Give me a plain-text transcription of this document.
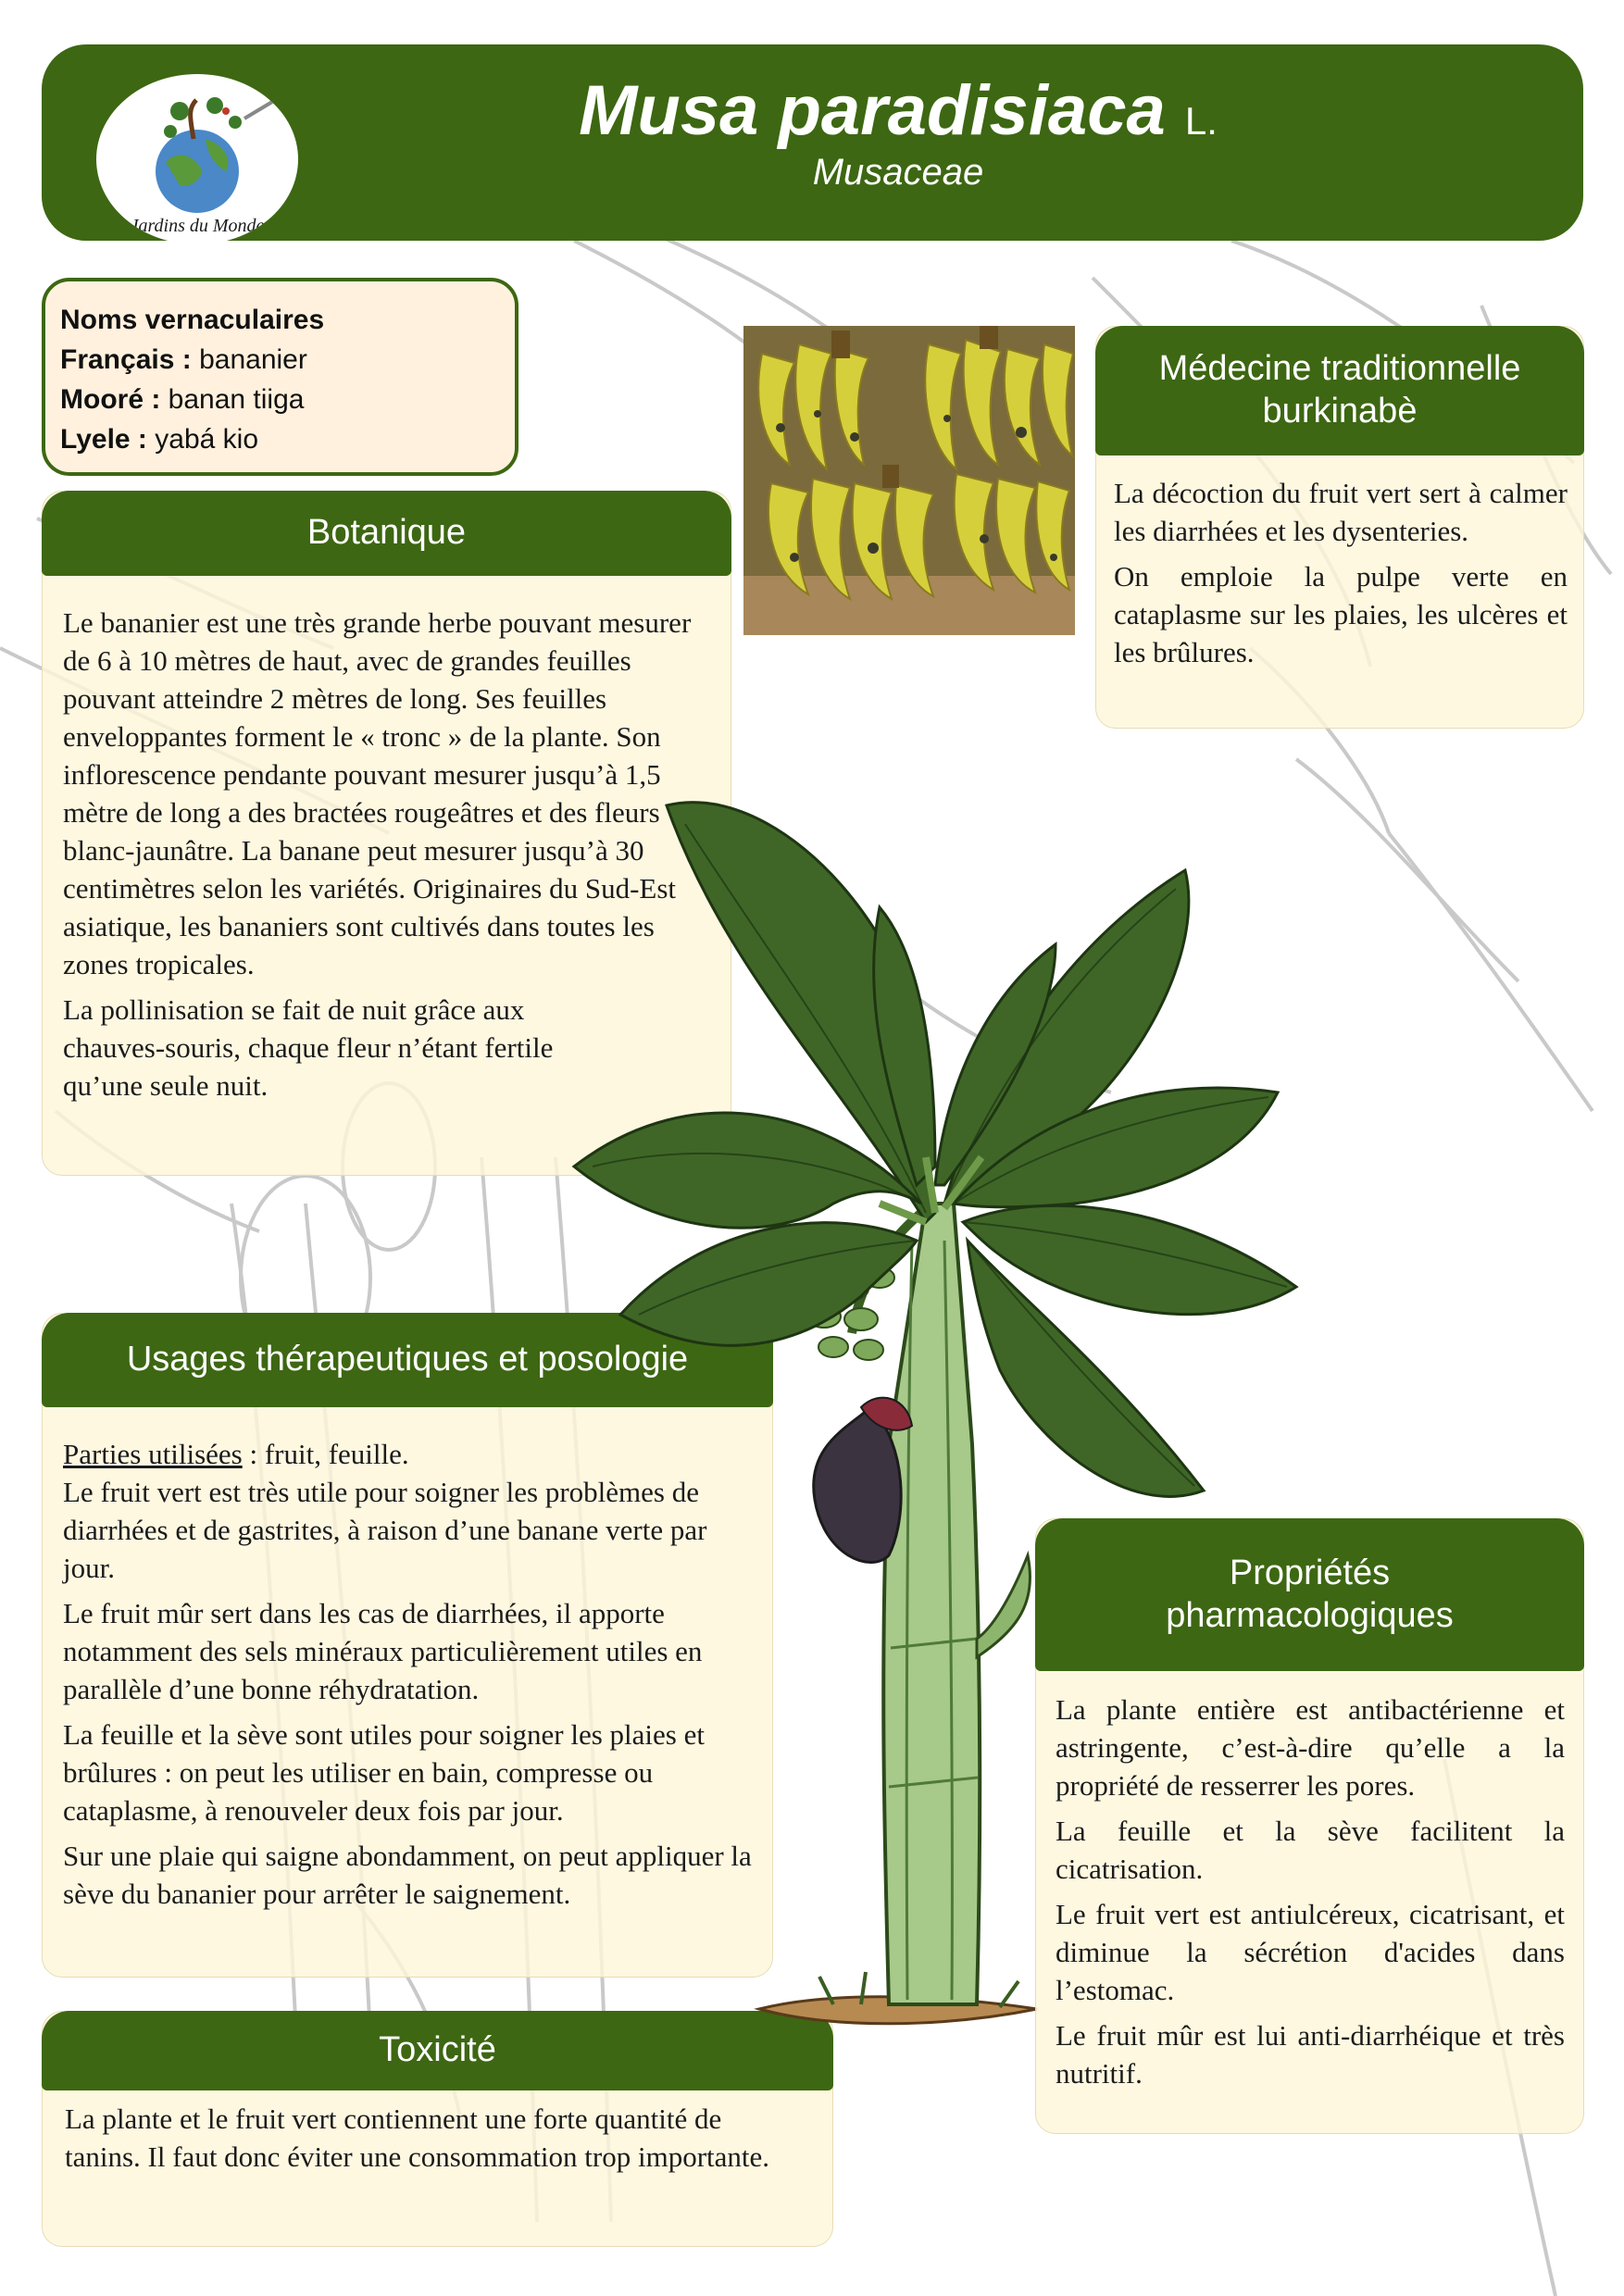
Jardins du Monde
Musa paradisiaca L.
Musaceae
Noms vernaculaires
Français : bananier
Mooré : banan tiiga
Lyele : yabá kio
Botanique

Le bananier est une très grande herbe pouvant mesurer de 6 à 10 mètres de haut, avec de grandes feuilles pouvant atteindre 2 mètres de long. Ses feuilles enveloppantes forment le « tronc » de la plante. Son inflorescence pendante pouvant mesurer jusqu’à 1,5 mètre de long a des bractées rougeâtres et des fleurs blanc-jaunâtre. La banane peut mesurer jusqu’à 30 centimètres selon les variétés. Originaires du Sud-Est asiatique, les bananiers sont cultivés dans toutes les zones tropicales.

La pollinisation se fait de nuit grâce aux chauves-souris, chaque fleur n’étant fertile qu’une seule nuit.

Médecine traditionnelle
burkinabè

La décoction du fruit vert sert à calmer les diarrhées et les dysenteries.

On emploie la pulpe verte en cataplasme sur les plaies, les ulcères et les brûlures.

Usages thérapeutiques et posologie

Parties utilisées : fruit, feuille.

Le fruit vert est très utile pour soigner les problèmes de diarrhées et de gastrites, à raison d’une banane verte par jour.

Le fruit mûr sert dans les cas de diarrhées, il apporte notamment des sels minéraux particulièrement utiles en parallèle d’une bonne réhydratation.

La feuille et la sève sont utiles pour soigner les plaies et brûlures : on peut les utiliser en bain, compresse ou cataplasme, à renouveler deux fois par jour.

Sur une plaie qui saigne abondamment, on peut appliquer la sève du bananier pour arrêter le saignement.

Toxicité

La plante et le fruit vert contiennent une forte quantité de tanins. Il faut donc éviter une consommation trop importante.

Propriétés
pharmacologiques

La plante entière est antibactérienne et astringente, c’est-à-dire qu’elle a la propriété de resserrer les pores.

La feuille et la sève facilitent la cicatrisation.

Le fruit vert est antiulcéreux, cicatrisant, et diminue la sécrétion d'acides dans l’estomac.

Le fruit mûr est lui anti-diarrhéique et très nutritif.
